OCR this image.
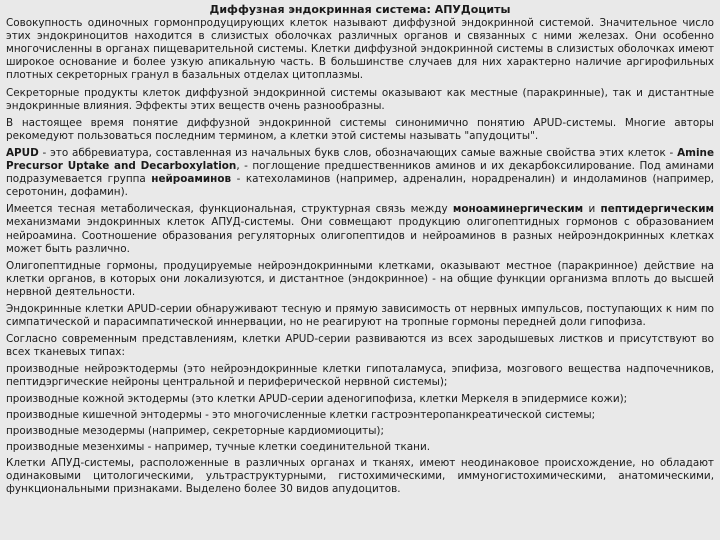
Диффузная эндокринная система: АПУДоциты

Совокупность одиночных гормонпродуцирующих клеток называют диффузной эндокринной системой. Значительное число этих эндокриноцитов находится в слизистых оболочках различных органов и связанных с ними железах. Они особенно многочисленны в органах пищеварительной системы. Клетки диффузной эндокринной системы в слизистых оболочках имеют широкое основание и более узкую апикальную часть. В большинстве случаев для них характерно наличие аргирофильных плотных секреторных гранул в базальных отделах цитоплазмы.

Секреторные продукты клеток диффузной эндокринной системы оказывают как местные (паракринные), так и дистантные эндокринные влияния. Эффекты этих веществ очень разнообразны.

В настоящее время понятие диффузной эндокринной системы синонимично понятию APUD-системы. Многие авторы рекомедуют пользоваться последним термином, а клетки этой системы называть "апудоциты".

APUD - это аббревиатура, составленная из начальных букв слов, обозначающих самые важные свойства этих клеток - Amine Precursor Uptake and Decarboxylation, - поглощение предшественников аминов и их декарбоксилирование. Под аминами подразумевается группа нейроаминов - катехоламинов (например, адреналин, норадреналин) и индоламинов (например, серотонин, дофамин).

Имеется тесная метаболическая, функциональная, структурная связь между моноаминергическим и пептидергическим механизмами эндокринных клеток АПУД-системы. Они совмещают продукцию олигопептидных гормонов с образованием нейроамина. Соотношение образования регуляторных олигопептидов и нейроаминов в разных нейроэндокринных клетках может быть различно.

Олигопептидные гормоны, продуцируемые нейроэндокринными клетками, оказывают местное (паракринное) действие на клетки органов, в которых они локализуются, и дистантное (эндокринное) - на общие функции организма вплоть до высшей нервной деятельности.

Эндокринные клетки APUD-серии обнаруживают тесную и прямую зависимость от нервных импульсов, поступающих к ним по симпатической и парасимпатической иннервации, но не реагируют на тропные гормоны передней доли гипофиза.

Согласно современным представлениям, клетки APUD-серии развиваются из всех зародышевых листков и присутствуют во всех тканевых типах:

производные нейроэктодермы (это нейроэндокринные клетки гипоталамуса, эпифиза, мозгового вещества надпочечников, пептидэргические нейроны центральной и периферической нервной системы);

производные кожной эктодермы (это клетки APUD-серии аденогипофиза, клетки Меркеля в эпидермисе кожи);

производные кишечной энтодермы - это многочисленные клетки гастроэнтеропанкреатической системы;

производные мезодермы (например, секреторные кардиомиоциты);

производные мезенхимы - например, тучные клетки соединительной ткани.

Клетки АПУД-системы, расположенные в различных органах и тканях, имеют неодинаковое происхождение, но обладают одинаковыми цитологическими, ультраструктурными, гистохимическими, иммуногистохимическими, анатомическими, функциональными признаками. Выделено более 30 видов апудоцитов.
